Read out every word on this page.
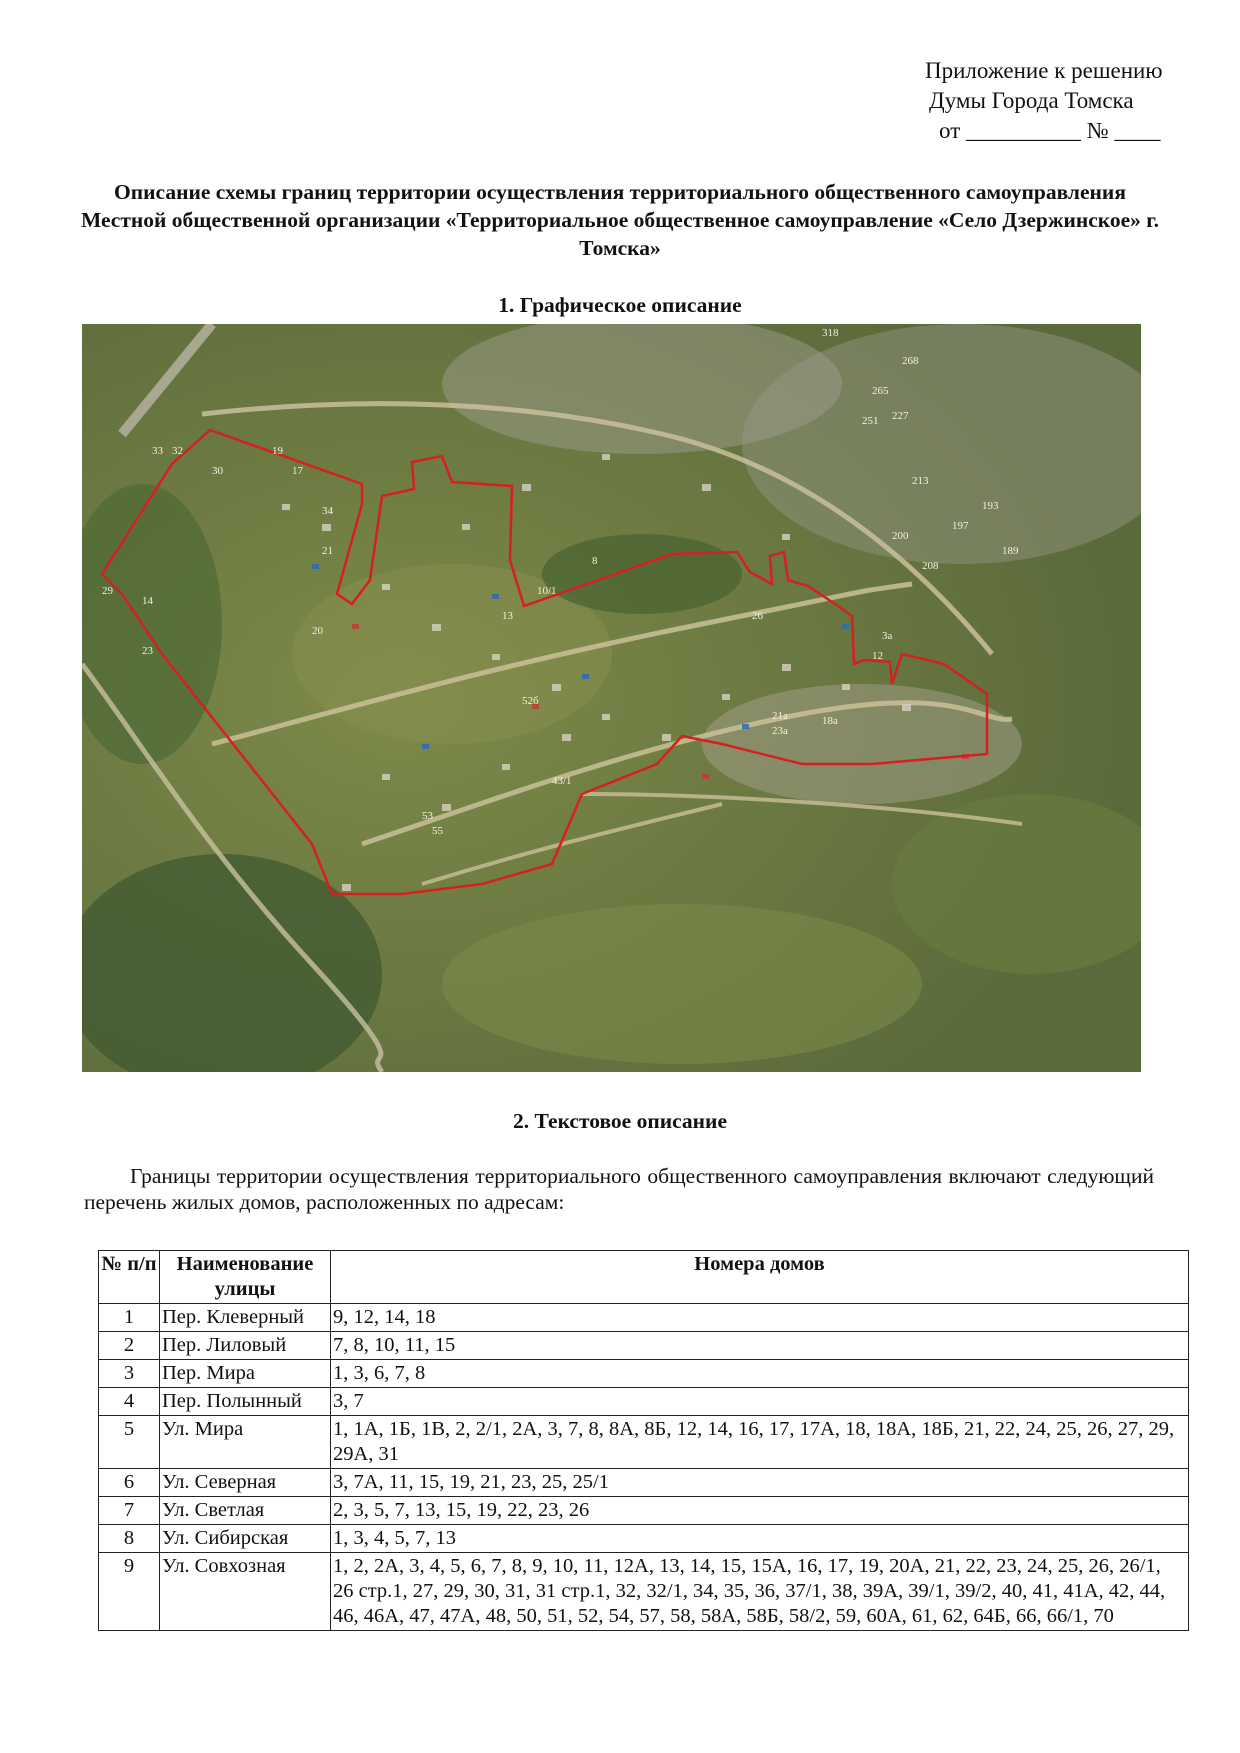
Приложение к решению
Думы Города Томска
от __________ № ____
Описание схемы границ территории осуществления территориального общественного самоуправления Местной общественной организации «Территориальное общественное самоуправление «Село Дзержинское» г. Томска»
1. Графическое описание
55
53
43/1
52б
23а
21а	18а
13
10/1
3а
12
14
19
17
21
23
29
30
33 32
34
26
20
8
318
268
265
251 227
213
197
193
189
200
208
2. Текстовое описание
Границы территории осуществления территориального общественного самоуправления включают следующий перечень жилых домов, расположенных по адресам:
№ п/п	Наименование улицы	Номера домов
1	Пер. Клеверный	9, 12, 14, 18
2	Пер. Лиловый	7, 8, 10, 11, 15
3	Пер. Мира	1, 3, 6, 7, 8
4	Пер. Полынный	3, 7
5	Ул. Мира	1, 1А, 1Б, 1В, 2, 2/1, 2А, 3, 7, 8, 8А, 8Б, 12, 14, 16, 17, 17А, 18, 18А, 18Б, 21, 22, 24, 25, 26, 27, 29, 29А, 31
6	Ул. Северная	3, 7А, 11, 15, 19, 21, 23, 25, 25/1
7	Ул. Светлая	2, 3, 5, 7, 13, 15, 19, 22, 23, 26
8	Ул. Сибирская	1, 3, 4, 5, 7, 13
9	Ул. Совхозная	1, 2, 2А, 3, 4, 5, 6, 7, 8, 9, 10, 11, 12А, 13, 14, 15, 15А, 16, 17, 19, 20А, 21, 22, 23, 24, 25, 26, 26/1, 26 стр.1, 27, 29, 30, 31, 31 стр.1, 32, 32/1, 34, 35, 36, 37/1, 38, 39А, 39/1, 39/2, 40, 41, 41А, 42, 44, 46, 46А, 47, 47А, 48, 50, 51, 52, 54, 57, 58, 58А, 58Б, 58/2, 59, 60А, 61, 62, 64Б, 66, 66/1, 70
